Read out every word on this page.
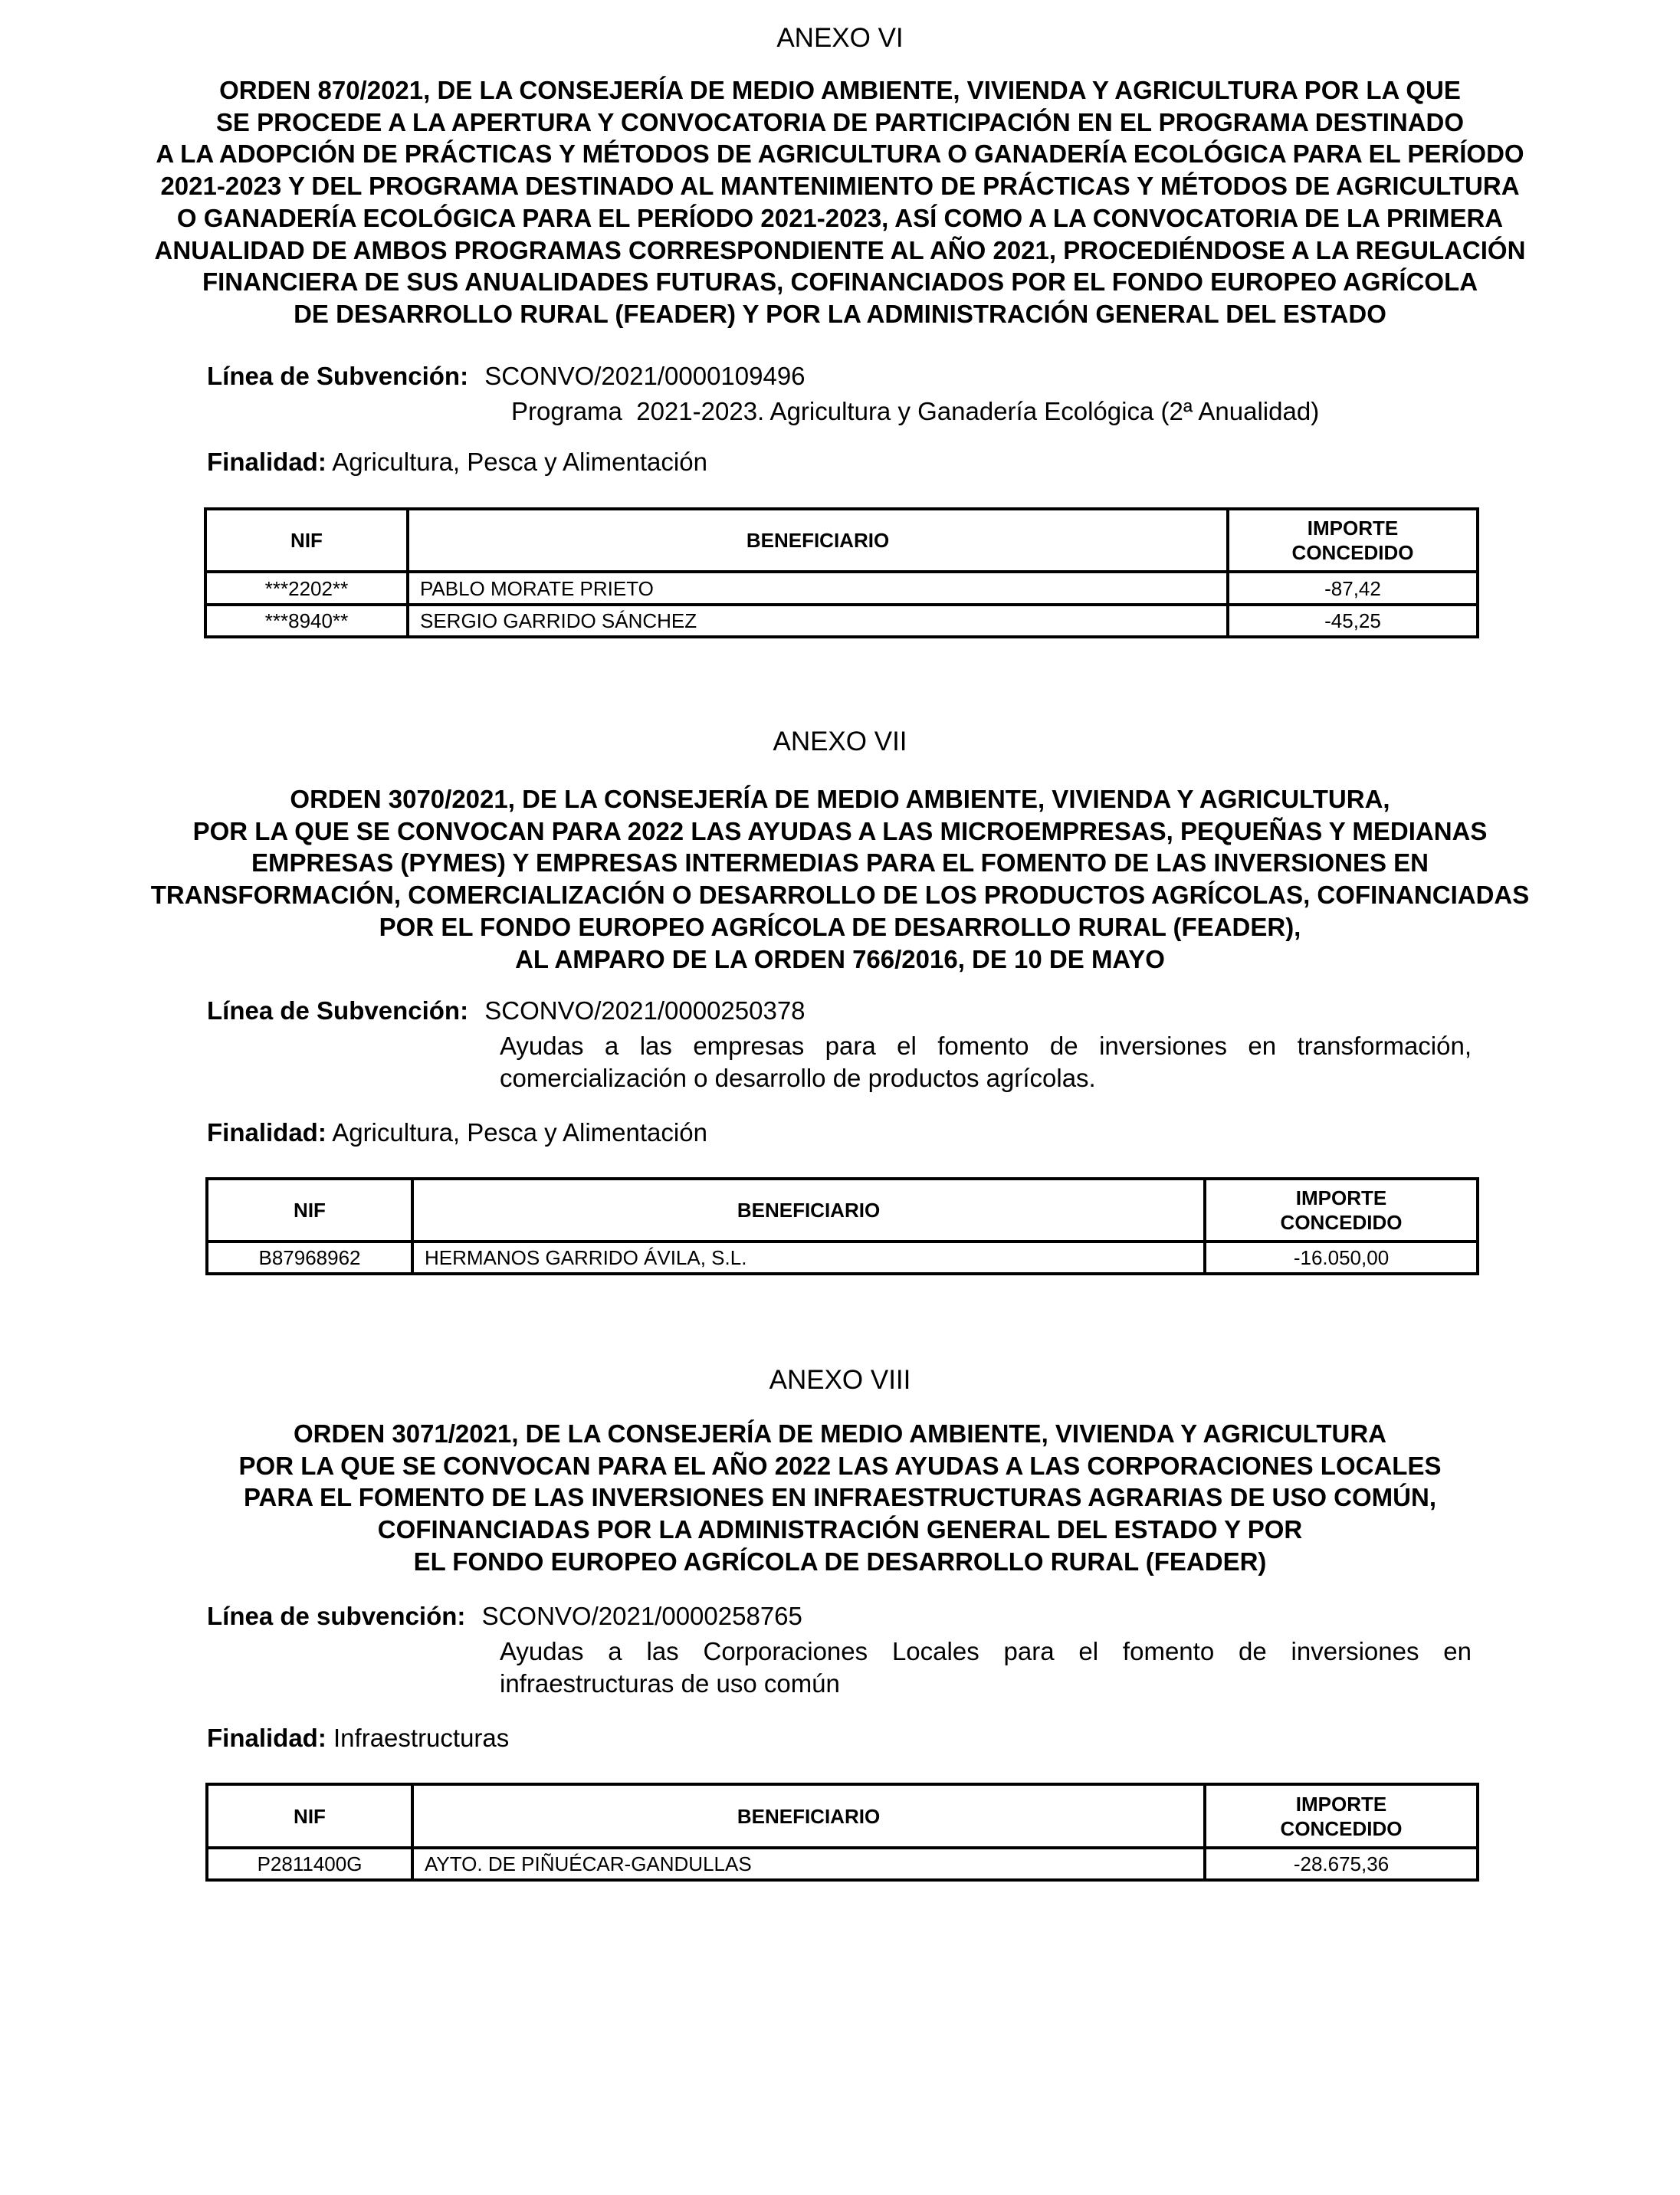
ANEXO VI
ORDEN 870/2021, DE LA CONSEJERÍA DE MEDIO AMBIENTE, VIVIENDA Y AGRICULTURA POR LA QUE
SE PROCEDE A LA APERTURA Y CONVOCATORIA DE PARTICIPACIÓN EN EL PROGRAMA DESTINADO
A LA ADOPCIÓN DE PRÁCTICAS Y MÉTODOS DE AGRICULTURA O GANADERÍA ECOLÓGICA PARA EL PERÍODO
2021-2023 Y DEL PROGRAMA DESTINADO AL MANTENIMIENTO DE PRÁCTICAS Y MÉTODOS DE AGRICULTURA
O GANADERÍA ECOLÓGICA PARA EL PERÍODO 2021-2023, ASÍ COMO A LA CONVOCATORIA DE LA PRIMERA
ANUALIDAD DE AMBOS PROGRAMAS CORRESPONDIENTE AL AÑO 2021, PROCEDIÉNDOSE A LA REGULACIÓN
FINANCIERA DE SUS ANUALIDADES FUTURAS, COFINANCIADOS POR EL FONDO EUROPEO AGRÍCOLA
DE DESARROLLO RURAL (FEADER) Y POR LA ADMINISTRACIÓN GENERAL DEL ESTADO
Línea de Subvención: SCONVO/2021/0000109496
Programa  2021-2023. Agricultura y Ganadería Ecológica (2ª Anualidad)
Finalidad: Agricultura, Pesca y Alimentación
NIF	BENEFICIARIO	IMPORTE
CONCEDIDO

***2202**	PABLO MORATE PRIETO	-87,42
***8940**	SERGIO GARRIDO SÁNCHEZ	-45,25
ANEXO VII
ORDEN 3070/2021, DE LA CONSEJERÍA DE MEDIO AMBIENTE, VIVIENDA Y AGRICULTURA,
POR LA QUE SE CONVOCAN PARA 2022 LAS AYUDAS A LAS MICROEMPRESAS, PEQUEÑAS Y MEDIANAS
EMPRESAS (PYMES) Y EMPRESAS INTERMEDIAS PARA EL FOMENTO DE LAS INVERSIONES EN
TRANSFORMACIÓN, COMERCIALIZACIÓN O DESARROLLO DE LOS PRODUCTOS AGRÍCOLAS, COFINANCIADAS
POR EL FONDO EUROPEO AGRÍCOLA DE DESARROLLO RURAL (FEADER),
AL AMPARO DE LA ORDEN 766/2016, DE 10 DE MAYO
Línea de Subvención: SCONVO/2021/0000250378
Ayudas a las empresas para el fomento de inversiones en transformación, comercialización o desarrollo de productos agrícolas.
Finalidad: Agricultura, Pesca y Alimentación
NIF	BENEFICIARIO	IMPORTE
CONCEDIDO

B87968962	HERMANOS GARRIDO ÁVILA, S.L.	-16.050,00
ANEXO VIII
ORDEN 3071/2021, DE LA CONSEJERÍA DE MEDIO AMBIENTE, VIVIENDA Y AGRICULTURA
POR LA QUE SE CONVOCAN PARA EL AÑO 2022 LAS AYUDAS A LAS CORPORACIONES LOCALES
PARA EL FOMENTO DE LAS INVERSIONES EN INFRAESTRUCTURAS AGRARIAS DE USO COMÚN,
COFINANCIADAS POR LA ADMINISTRACIÓN GENERAL DEL ESTADO Y POR
EL FONDO EUROPEO AGRÍCOLA DE DESARROLLO RURAL (FEADER)
Línea de subvención: SCONVO/2021/0000258765
Ayudas a las Corporaciones Locales para el fomento de inversiones en infraestructuras de uso común
Finalidad: Infraestructuras
NIF	BENEFICIARIO	IMPORTE
CONCEDIDO

P2811400G	AYTO. DE PIÑUÉCAR-GANDULLAS	-28.675,36
